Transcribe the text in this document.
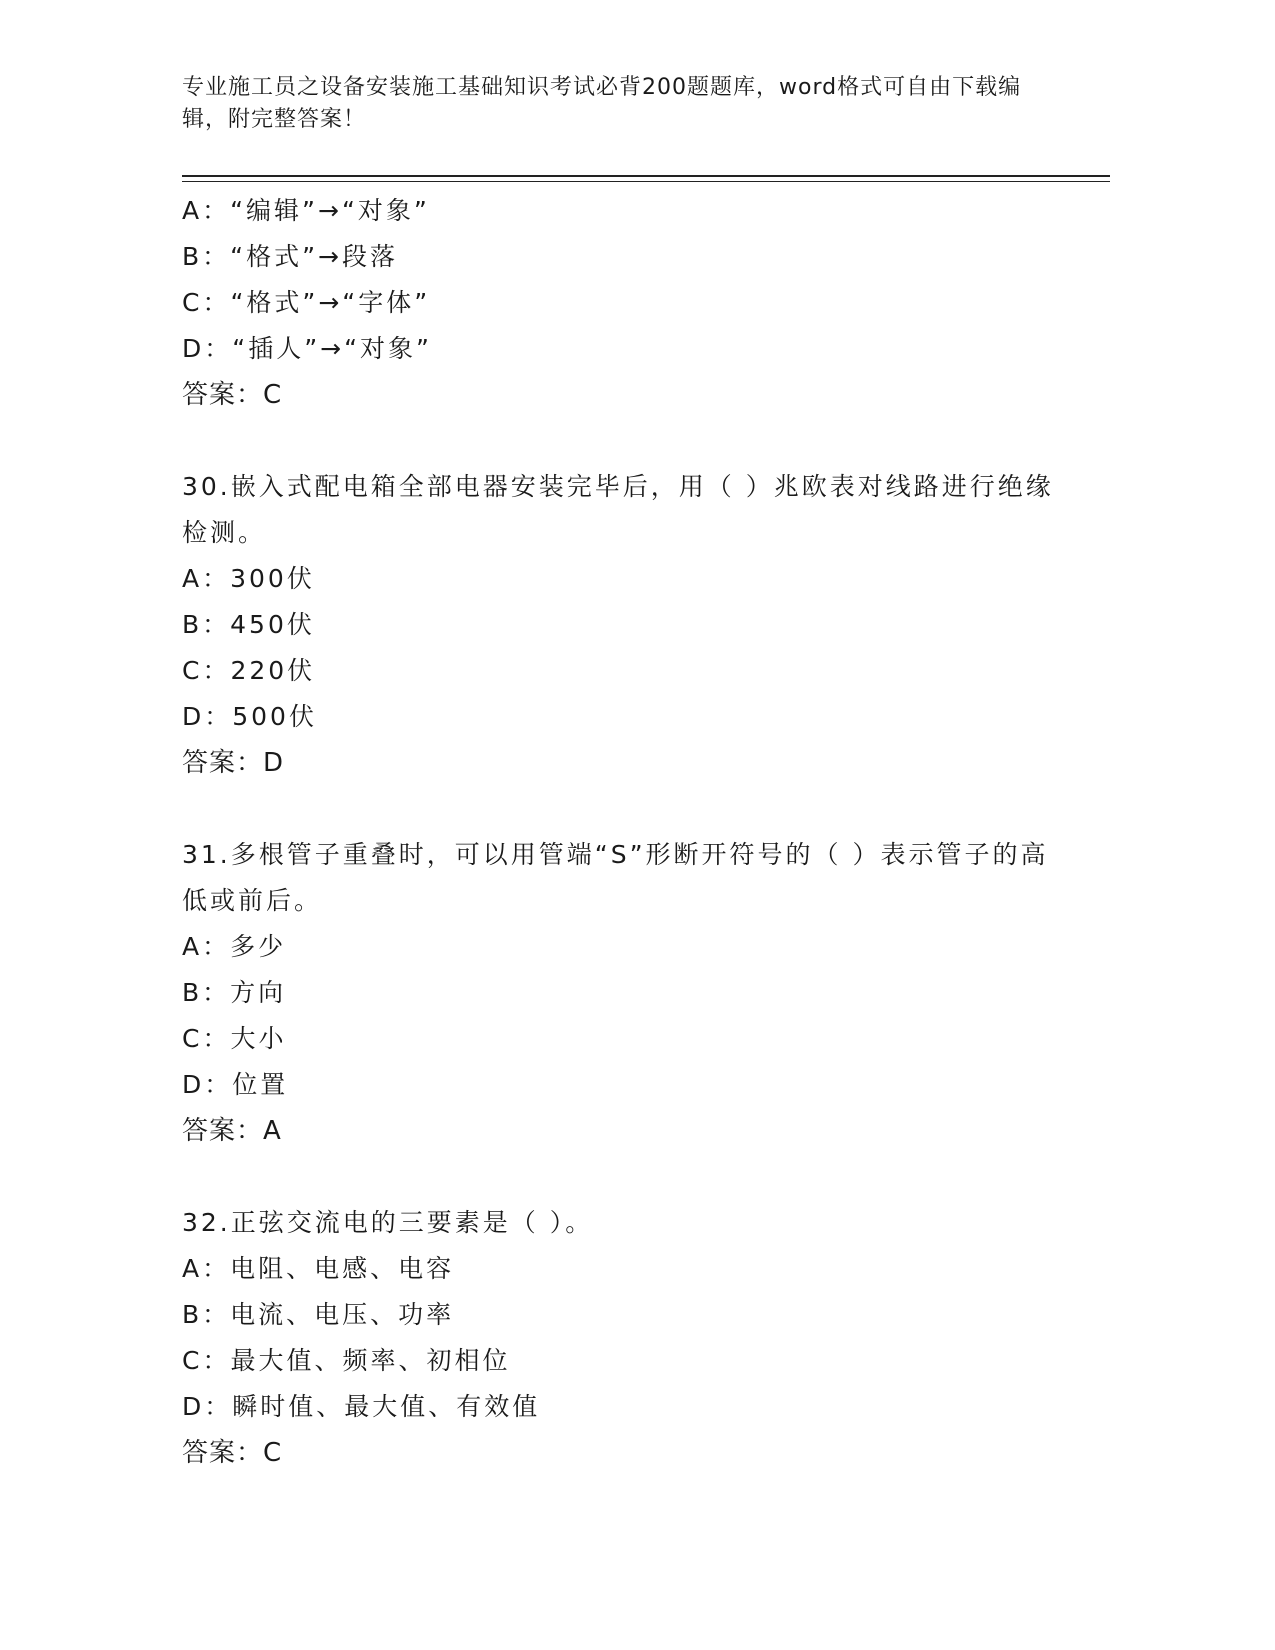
专业施工员之设备安装施工基础知识考试必背200题题库，word格式可自由下载编辑，附完整答案！
A：“编辑”→“对象”
B：“格式”→段落
C：“格式”→“字体”
D：“插人”→“对象”
答案：C
30.嵌入式配电箱全部电器安装完毕后，用（ ）兆欧表对线路进行绝缘检测。
A：300伏
B：450伏
C：220伏
D：500伏
答案：D
31.多根管子重叠时，可以用管端“S”形断开符号的（ ）表示管子的高低或前后。
A：多少
B：方向
C：大小
D：位置
答案：A
32.正弦交流电的三要素是（ ）。
A：电阻、电感、电容
B：电流、电压、功率
C：最大值、频率、初相位
D：瞬时值、最大值、有效值
答案：C
